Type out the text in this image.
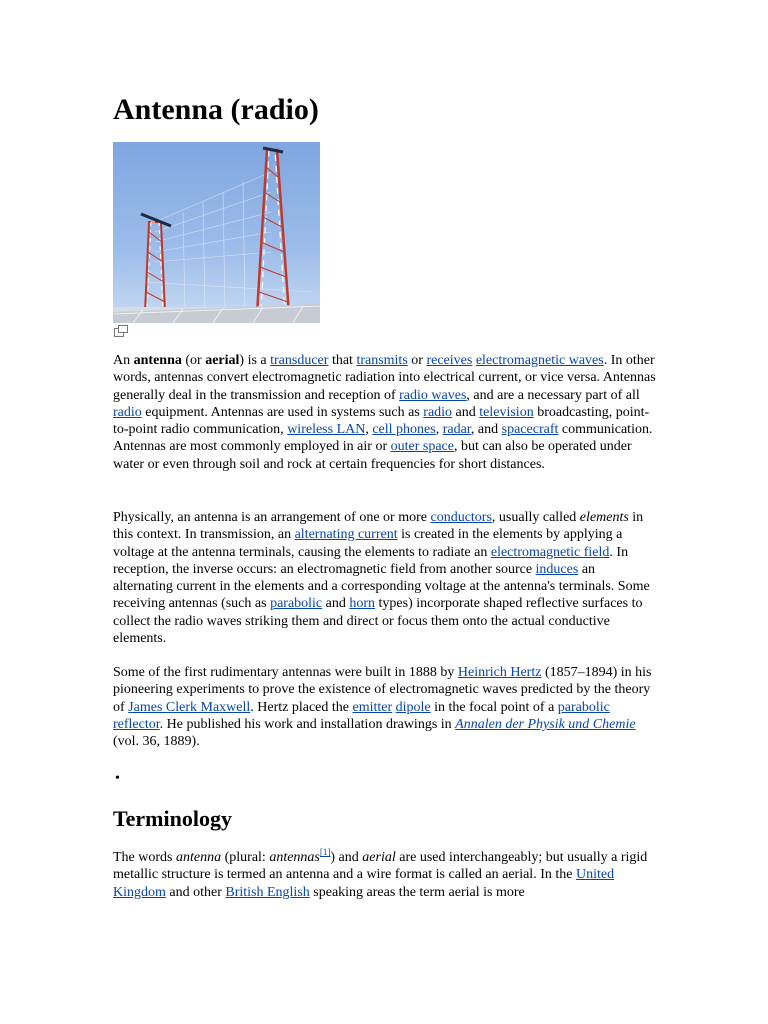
Antenna (radio)

An antenna (or aerial) is a transducer that transmits or receives electromagnetic waves. In other words, antennas convert electromagnetic radiation into electrical current, or vice versa. Antennas generally deal in the transmission and reception of radio waves, and are a necessary part of all radio equipment. Antennas are used in systems such as radio and television broadcasting, point-to-point radio communication, wireless LAN, cell phones, radar, and spacecraft communication. Antennas are most commonly employed in air or outer space, but can also be operated under water or even through soil and rock at certain frequencies for short distances.

Physically, an antenna is an arrangement of one or more conductors, usually called elements in this context. In transmission, an alternating current is created in the elements by applying a voltage at the antenna terminals, causing the elements to radiate an electromagnetic field. In reception, the inverse occurs: an electromagnetic field from another source induces an alternating current in the elements and a corresponding voltage at the antenna's terminals. Some receiving antennas (such as parabolic and horn types) incorporate shaped reflective surfaces to collect the radio waves striking them and direct or focus them onto the actual conductive elements.

Some of the first rudimentary antennas were built in 1888 by Heinrich Hertz (1857–1894) in his pioneering experiments to prove the existence of electromagnetic waves predicted by the theory of James Clerk Maxwell. Hertz placed the emitter dipole in the focal point of a parabolic reflector. He published his work and installation drawings in Annalen der Physik und Chemie (vol. 36, 1889).

•
Terminology

The words antenna (plural: antennas[1]) and aerial are used interchangeably; but usually a rigid metallic structure is termed an antenna and a wire format is called an aerial. In the United Kingdom and other British English speaking areas the term aerial is more
